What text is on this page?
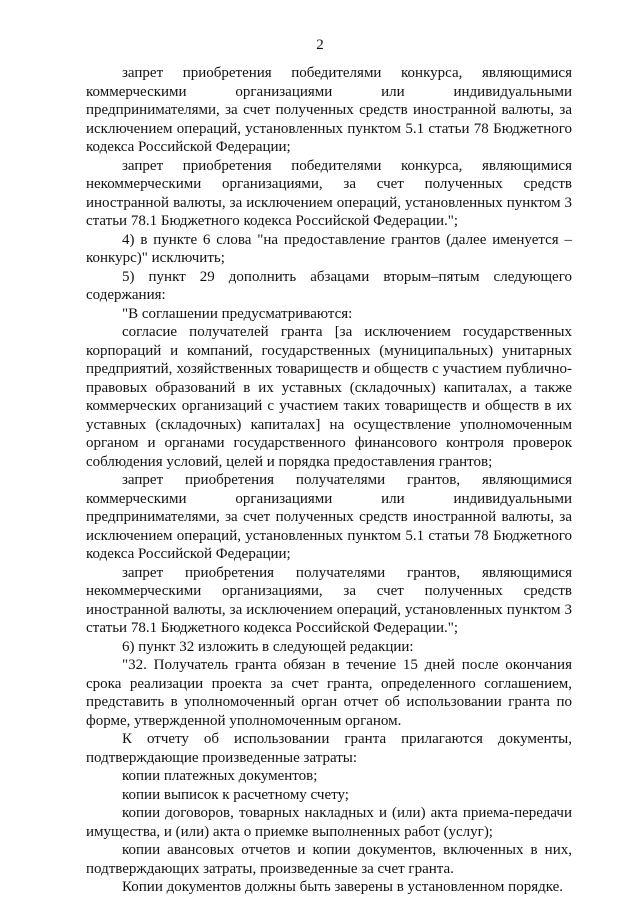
2

запрет приобретения победителями конкурса, являющимися коммерческими организациями или индивидуальными предпринимателями, за счет полученных средств иностранной валюты, за исключением операций, установленных пунктом 5.1 статьи 78 Бюджетного кодекса Российской Федерации;

запрет приобретения победителями конкурса, являющимися некоммерческими организациями, за счет полученных средств иностранной валюты, за исключением операций, установленных пунктом 3 статьи 78.1 Бюджетного кодекса Российской Федерации.";

4) в пункте 6 слова "на предоставление грантов (далее именуется – конкурс)" исключить;

5) пункт 29 дополнить абзацами вторым–пятым следующего содержания:

"В соглашении предусматриваются:

согласие получателей гранта [за исключением государственных корпораций и компаний, государственных (муниципальных) унитарных предприятий, хозяйственных товариществ и обществ с участием публично-правовых образований в их уставных (складочных) капиталах, а также коммерческих организаций с участием таких товариществ и обществ в их уставных (складочных) капиталах] на осуществление уполномоченным органом и органами государственного финансового контроля проверок соблюдения условий, целей и порядка предоставления грантов;

запрет приобретения получателями грантов, являющимися коммерческими организациями или индивидуальными предпринимателями, за счет полученных средств иностранной валюты, за исключением операций, установленных пунктом 5.1 статьи 78 Бюджетного кодекса Российской Федерации;

запрет приобретения получателями грантов, являющимися некоммерческими организациями, за счет полученных средств иностранной валюты, за исключением операций, установленных пунктом 3 статьи 78.1 Бюджетного кодекса Российской Федерации.";

6) пункт 32 изложить в следующей редакции:

"32. Получатель гранта обязан в течение 15 дней после окончания срока реализации проекта за счет гранта, определенного соглашением, представить в уполномоченный орган отчет об использовании гранта по форме, утвержденной уполномоченным органом.

К отчету об использовании гранта прилагаются документы, подтверждающие произведенные затраты:

копии платежных документов;

копии выписок к расчетному счету;

копии договоров, товарных накладных и (или) акта приема-передачи имущества, и (или) акта о приемке выполненных работ (услуг);

копии авансовых отчетов и копии документов, включенных в них, подтверждающих затраты, произведенные за счет гранта.

Копии документов должны быть заверены в установленном порядке.
